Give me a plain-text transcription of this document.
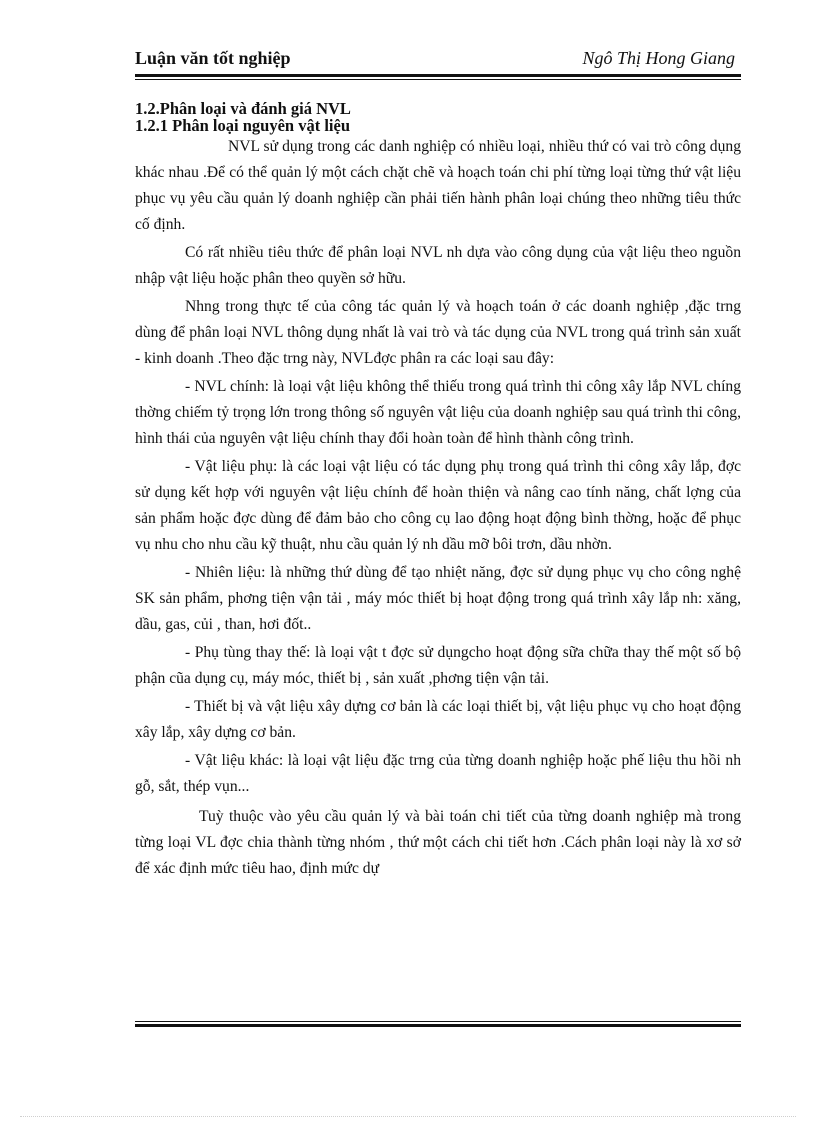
Luận văn tốt nghiệp	Ngô Thị Hong Giang
1.2.Phân loại và đánh giá NVL
1.2.1 Phân loại nguyên vật liệu

NVL sử dụng trong các danh nghiệp có nhiều loại, nhiều thứ có vai trò công dụng khác nhau .Để có thể quản lý một cách chặt chẽ và hoạch toán chi phí từng loại từng thứ vật liệu phục vụ yêu cầu quản lý doanh nghiệp cần phải tiến hành phân loại chúng theo những tiêu thức cố định.

Có rất nhiều tiêu thức để phân loại NVL nh dựa vào công dụng của vật liệu theo nguồn nhập vật liệu hoặc phân theo quyền sở hữu.

Nhng trong thực tế của công tác quản lý và hoạch toán ở các doanh nghiệp ,đặc trng dùng để phân loại NVL thông dụng nhất là vai trò và tác dụng của NVL trong quá trình sản xuất - kinh doanh .Theo đặc trng này, NVLđợc phân ra các loại sau đây:

- NVL chính: là loại vật liệu không thể thiếu trong quá trình thi công xây lắp NVL chíng thờng chiếm tỷ trọng lớn trong thông số nguyên vật liệu của doanh nghiệp sau quá trình thi công, hình thái của nguyên vật liệu chính thay đổi hoàn toàn để hình thành công trình.

- Vật liệu phụ: là các loại vật liệu có tác dụng phụ trong quá trình thi công xây lắp, đợc sử dụng kết hợp với nguyên vật liệu chính để hoàn thiện và nâng cao tính năng, chất lợng của sản phẩm hoặc đợc dùng để đảm bảo cho công cụ lao động hoạt động bình thờng, hoặc để phục vụ nhu cho nhu cầu kỹ thuật, nhu cầu quản lý nh dầu mỡ bôi trơn, dầu nhờn.

- Nhiên liệu: là những thứ dùng để tạo nhiệt năng, đợc sử dụng phục vụ cho công nghệ SK sản phẩm, phơng tiện vận tải , máy móc thiết bị hoạt động trong quá trình xây lắp nh: xăng, dầu, gas, củi , than, hơi đốt..

- Phụ tùng thay thế: là loại vật t đợc sử dụngcho hoạt động sữa chữa thay thế một số bộ phận cũa dụng cụ, máy móc, thiết bị , sản xuất ,phơng tiện vận tải.

- Thiết bị và vật liệu xây dựng cơ bản là các loại thiết bị, vật liệu phục vụ cho hoạt động xây lắp, xây dựng cơ bản.

- Vật liệu khác: là loại vật liệu đặc trng của từng doanh nghiệp hoặc phế liệu thu hồi nh gỗ, sắt, thép vụn...

Tuỳ thuộc vào yêu cầu quản lý và bài toán chi tiết của từng doanh nghiệp mà trong từng loại VL đợc chia thành từng nhóm , thứ một cách chi tiết hơn .Cách phân loại này là xơ sở để xác định mức tiêu hao, định mức dự
